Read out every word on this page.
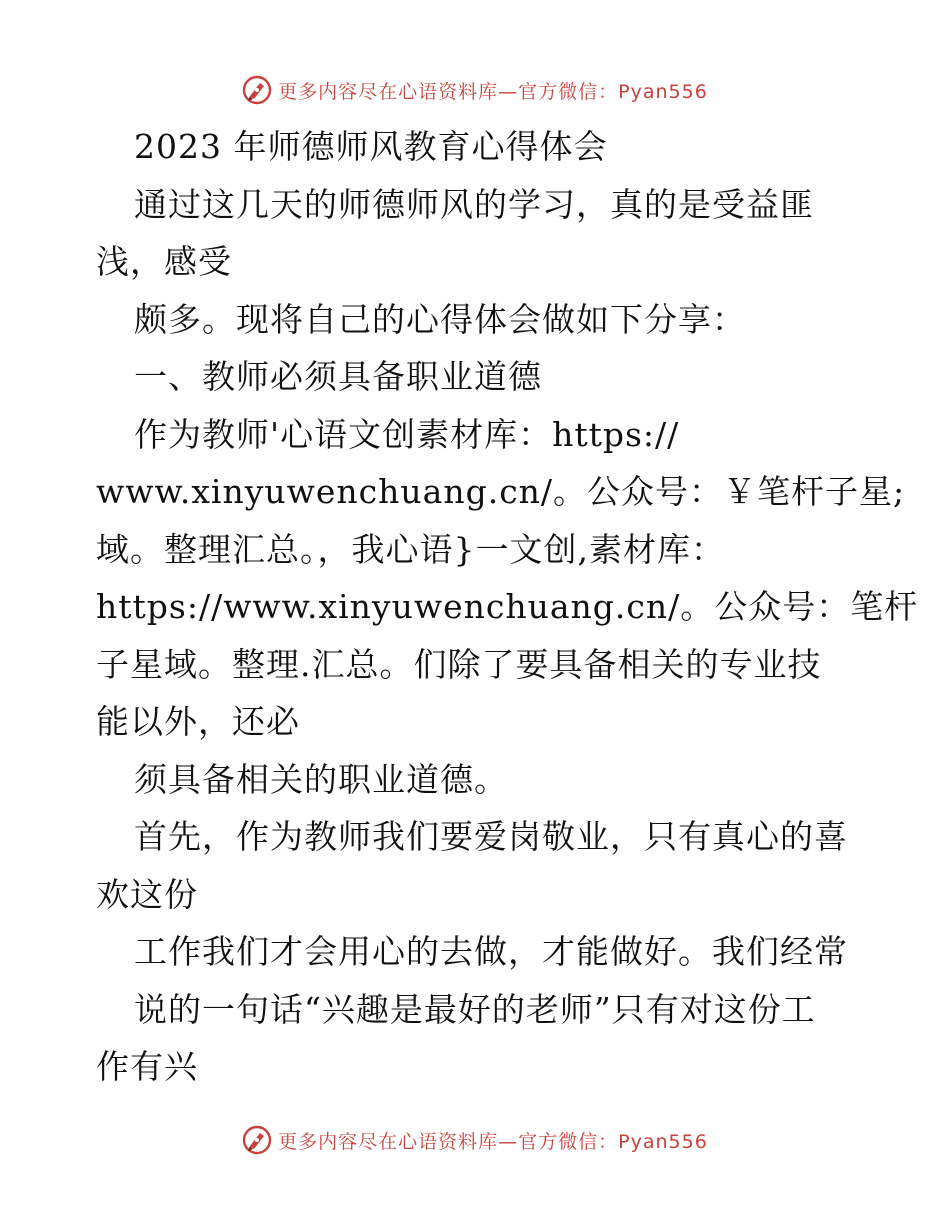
更多内容尽在心语资料库—官方微信：Pyan556
2023 年师德师风教育心得体会
通过这几天的师德师风的学习，真的是受益匪
浅，感受
颇多。现将自己的心得体会做如下分享：
一、教师必须具备职业道德
作为教师'心语文创素材库：https://
www.xinyuwenchuang.cn/。公众号：￥笔杆子星;
域。整理汇总。，我心语}一文创,素材库：
https://www.xinyuwenchuang.cn/。公众号：笔杆
子星域。整理.汇总。们除了要具备相关的专业技
能以外，还必
须具备相关的职业道德。
首先，作为教师我们要爱岗敬业，只有真心的喜
欢这份
工作我们才会用心的去做，才能做好。我们经常
说的一句话“兴趣是最好的老师”只有对这份工
作有兴
更多内容尽在心语资料库—官方微信：Pyan556
